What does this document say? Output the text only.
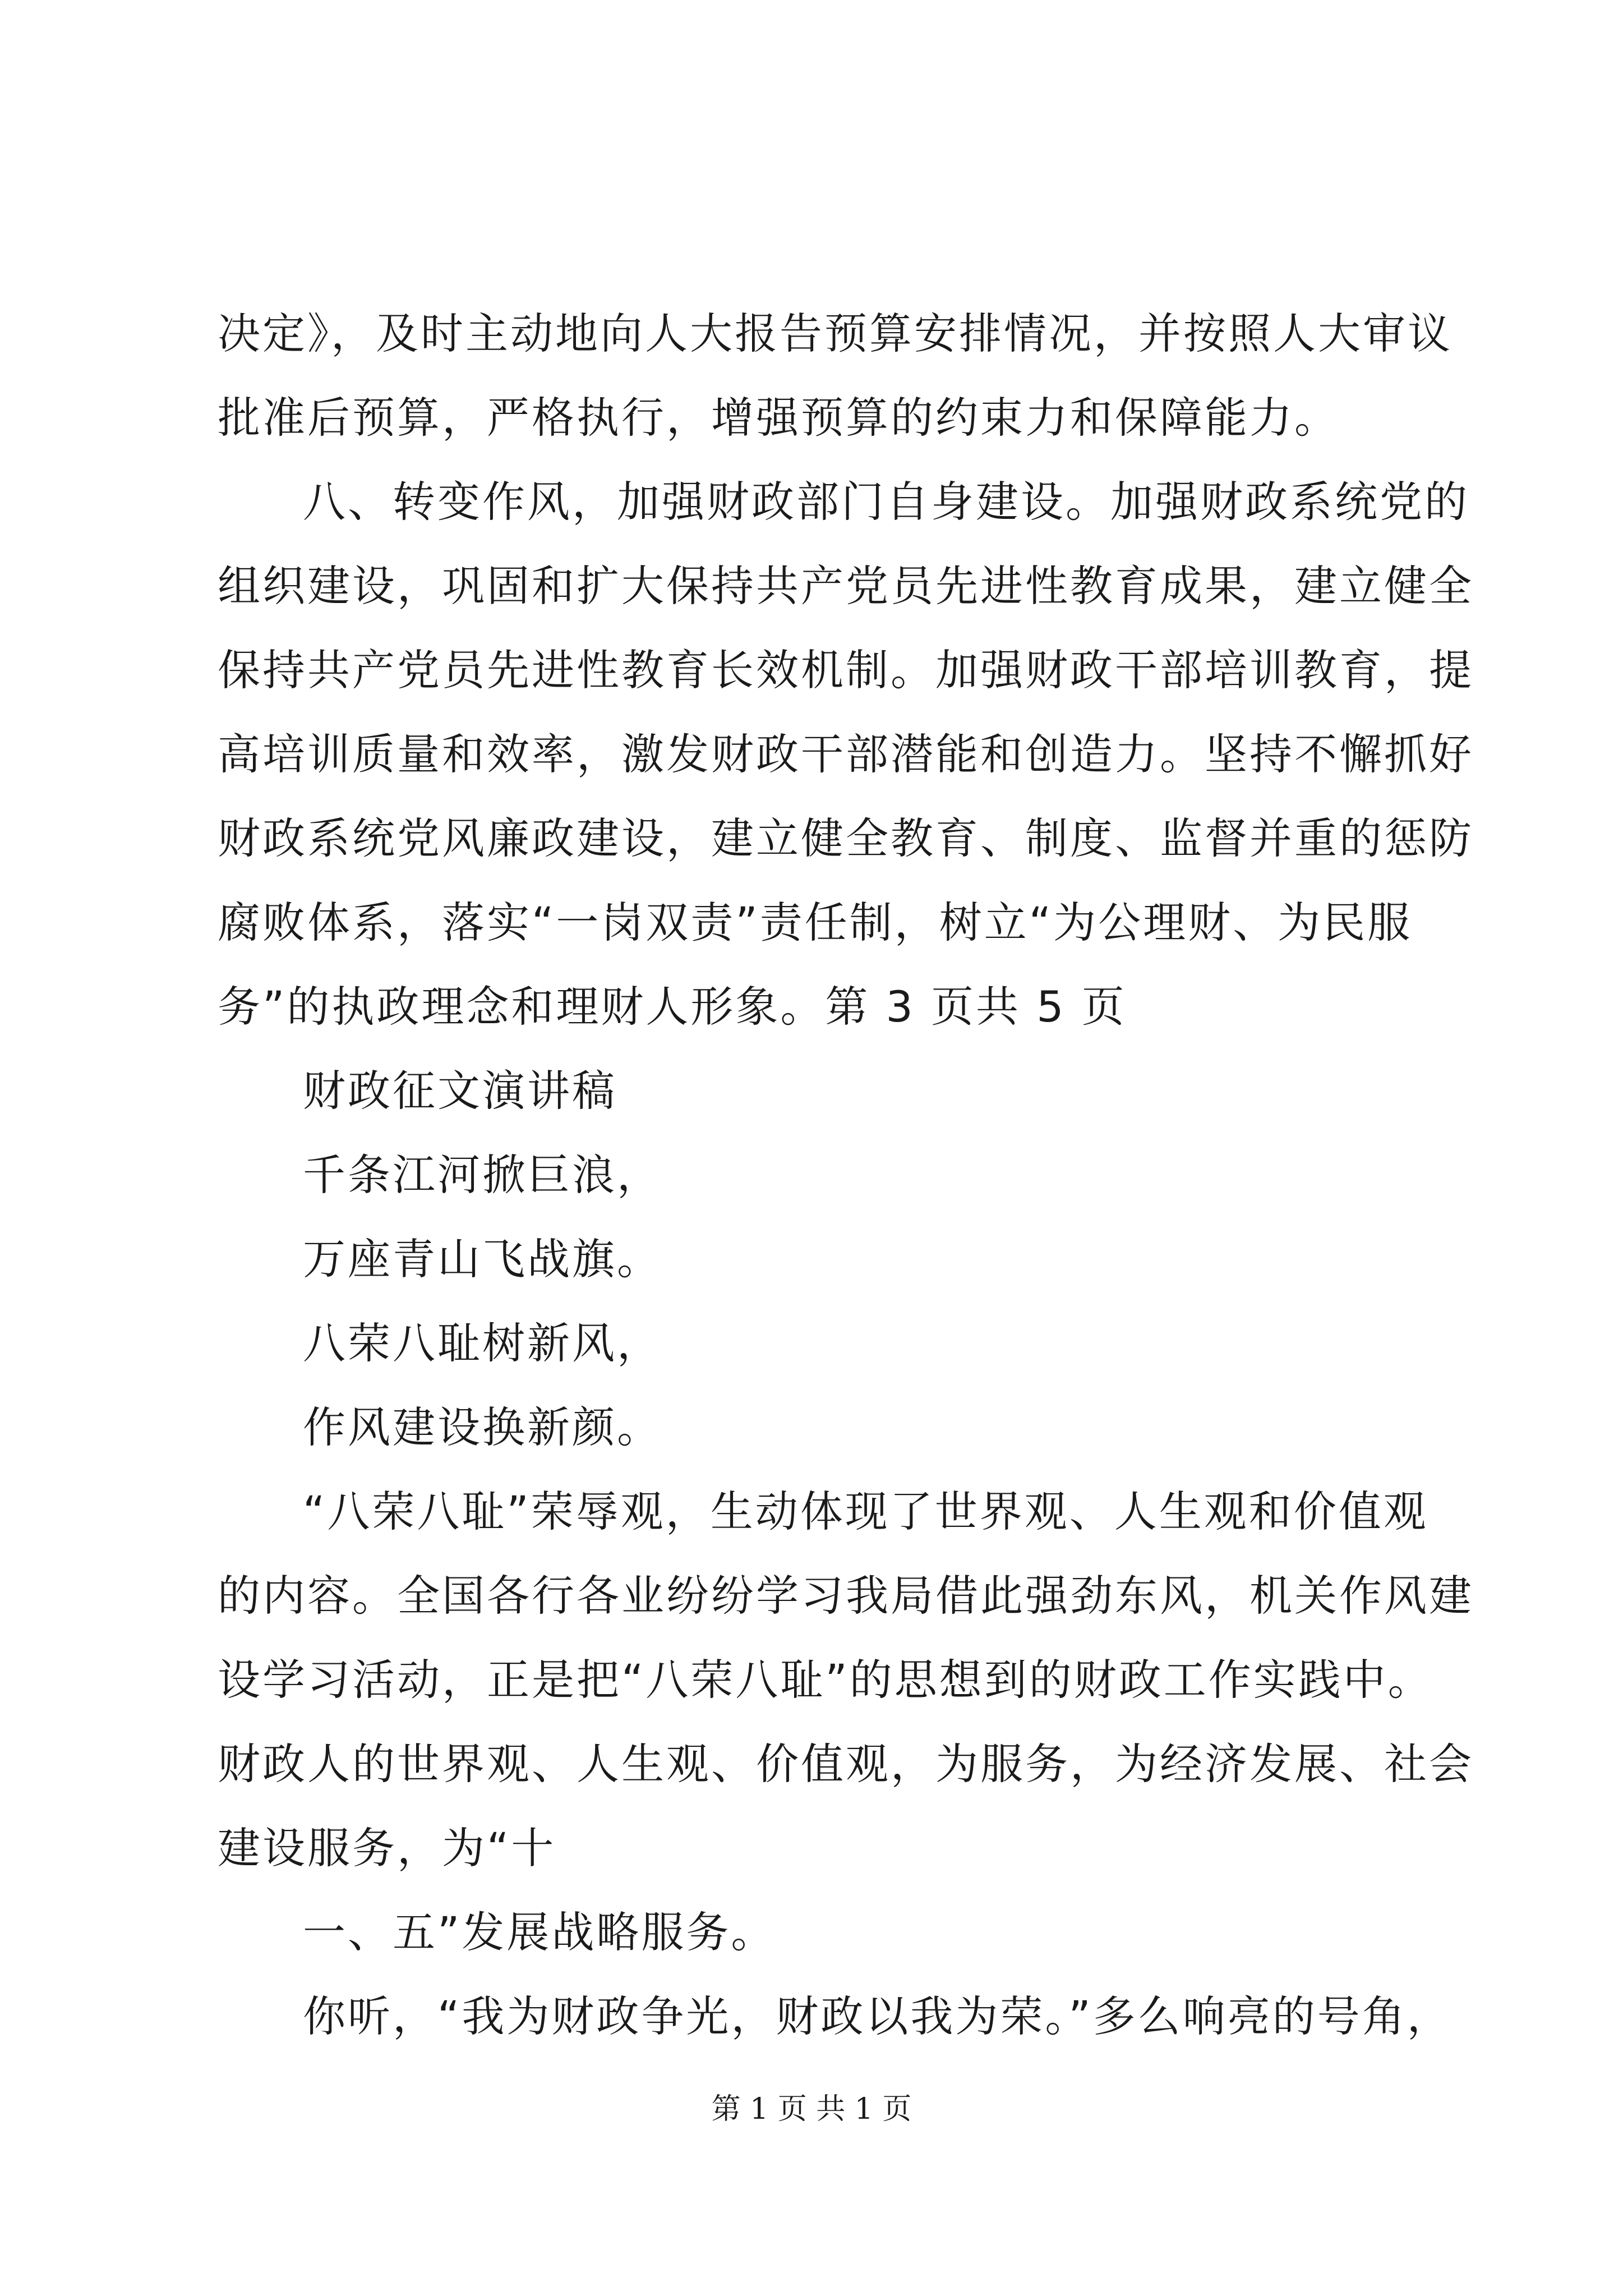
决定》，及时主动地向人大报告预算安排情况，并按照人大审议
批准后预算，严格执行，增强预算的约束力和保障能力。
八、转变作风，加强财政部门自身建设。加强财政系统党的
组织建设，巩固和扩大保持共产党员先进性教育成果，建立健全
保持共产党员先进性教育长效机制。加强财政干部培训教育，提
高培训质量和效率，激发财政干部潜能和创造力。坚持不懈抓好
财政系统党风廉政建设，建立健全教育、制度、监督并重的惩防
腐败体系，落实“一岗双责”责任制，树立“为公理财、为民服
务”的执政理念和理财人形象。第 3 页共 5 页
财政征文演讲稿
千条江河掀巨浪，
万座青山飞战旗。
八荣八耻树新风，
作风建设换新颜。
“八荣八耻”荣辱观，生动体现了世界观、人生观和价值观
的内容。全国各行各业纷纷学习我局借此强劲东风，机关作风建
设学习活动，正是把“八荣八耻”的思想到的财政工作实践中。
财政人的世界观、人生观、价值观，为服务，为经济发展、社会
建设服务，为“十
一、五”发展战略服务。
你听，“我为财政争光，财政以我为荣。”多么响亮的号角，
第 1 页 共 1 页
